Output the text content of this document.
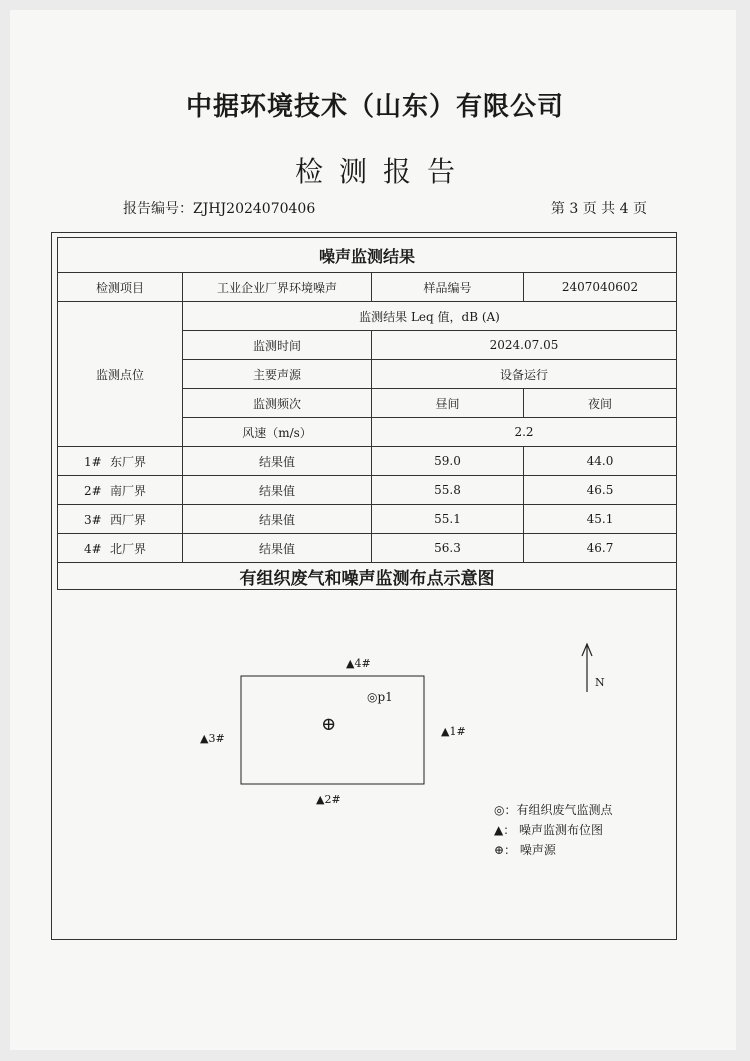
中据环境技术（山东）有限公司
检测报告
报告编号：ZJHJ2024070406	第 3 页 共 4 页
噪声监测结果			
检测项目	工业企业厂界环境噪声	样品编号	2407040602
监测点位	监测结果 Leq 值，dB (A)		
	监测时间	2024.07.05	
	主要声源	设备运行	
	监测频次	昼间	夜间
	风速（m/s）	2.2	
1# 东厂界	结果值	59.0	44.0
2# 南厂界	结果值	55.8	46.5
3# 西厂界	结果值	55.1	45.1
4# 北厂界	结果值	56.3	46.7
有组织废气和噪声监测布点示意图			
▲4#
◎p1
⊕	▲1#
▲3#
▲2#
N
◎：有组织废气监测点
▲： 噪声监测布位图
⊕： 噪声源
